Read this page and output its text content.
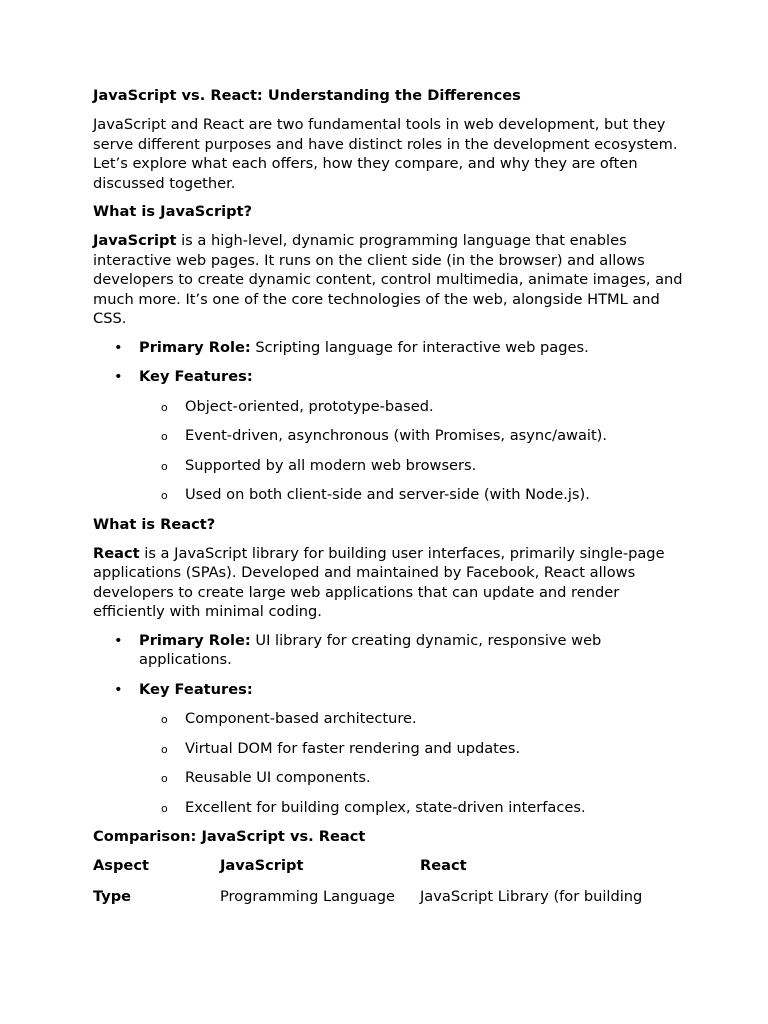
JavaScript vs. React: Understanding the Differences
JavaScript and React are two fundamental tools in web development, but they serve different purposes and have distinct roles in the development ecosystem. Let’s explore what each offers, how they compare, and why they are often discussed together.
What is JavaScript?
JavaScript is a high-level, dynamic programming language that enables interactive web pages. It runs on the client side (in the browser) and allows developers to create dynamic content, control multimedia, animate images, and much more. It’s one of the core technologies of the web, alongside HTML and CSS.
• Primary Role: Scripting language for interactive web pages.
• Key Features:
o Object-oriented, prototype-based.
o Event-driven, asynchronous (with Promises, async/await).
o Supported by all modern web browsers.
o Used on both client-side and server-side (with Node.js).
What is React?
React is a JavaScript library for building user interfaces, primarily single-page applications (SPAs). Developed and maintained by Facebook, React allows developers to create large web applications that can update and render efficiently with minimal coding.
• Primary Role: UI library for creating dynamic, responsive web applications.
• Key Features:
o Component-based architecture.
o Virtual DOM for faster rendering and updates.
o Reusable UI components.
o Excellent for building complex, state-driven interfaces.
Comparison: JavaScript vs. React
Aspect	JavaScript	React
Type	Programming Language	JavaScript Library (for building
